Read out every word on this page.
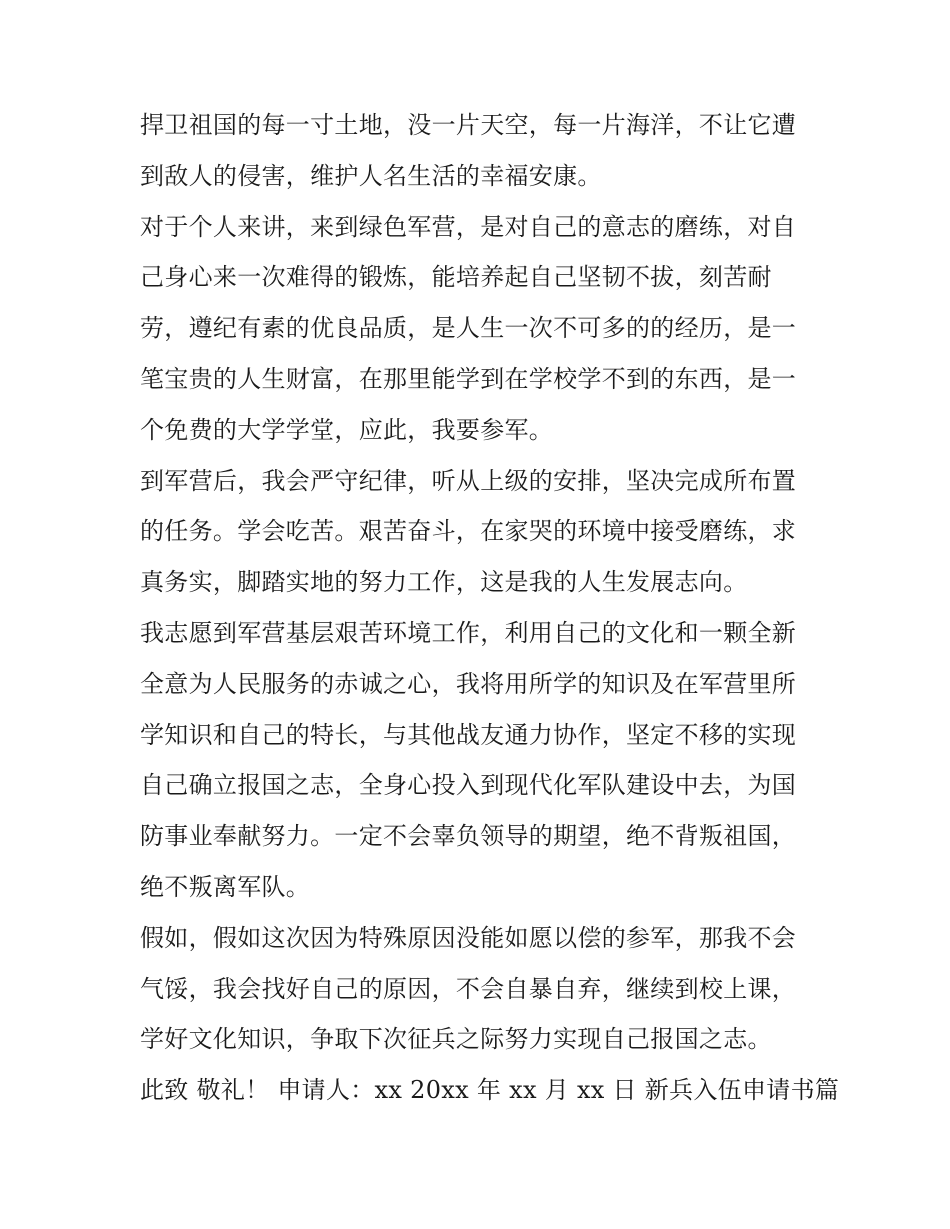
捍卫祖国的每一寸土地，没一片天空，每一片海洋，不让它遭
到敌人的侵害，维护人名生活的幸福安康。
对于个人来讲，来到绿色军营，是对自己的意志的磨练，对自
己身心来一次难得的锻炼，能培养起自己坚韧不拔，刻苦耐
劳，遵纪有素的优良品质，是人生一次不可多的的经历，是一
笔宝贵的人生财富，在那里能学到在学校学不到的东西，是一
个免费的大学学堂，应此，我要参军。
到军营后，我会严守纪律，听从上级的安排，坚决完成所布置
的任务。学会吃苦。艰苦奋斗，在家哭的环境中接受磨练，求
真务实，脚踏实地的努力工作，这是我的人生发展志向。
我志愿到军营基层艰苦环境工作，利用自己的文化和一颗全新
全意为人民服务的赤诚之心，我将用所学的知识及在军营里所
学知识和自己的特长，与其他战友通力协作，坚定不移的实现
自己确立报国之志，全身心投入到现代化军队建设中去，为国
防事业奉献努力。一定不会辜负领导的期望，绝不背叛祖国，
绝不叛离军队。
假如，假如这次因为特殊原因没能如愿以偿的参军，那我不会
气馁，我会找好自己的原因，不会自暴自弃，继续到校上课，
学好文化知识，争取下次征兵之际努力实现自己报国之志。
此致 敬礼！ 申请人：xx 20xx 年 xx 月 xx 日 新兵入伍申请书篇
